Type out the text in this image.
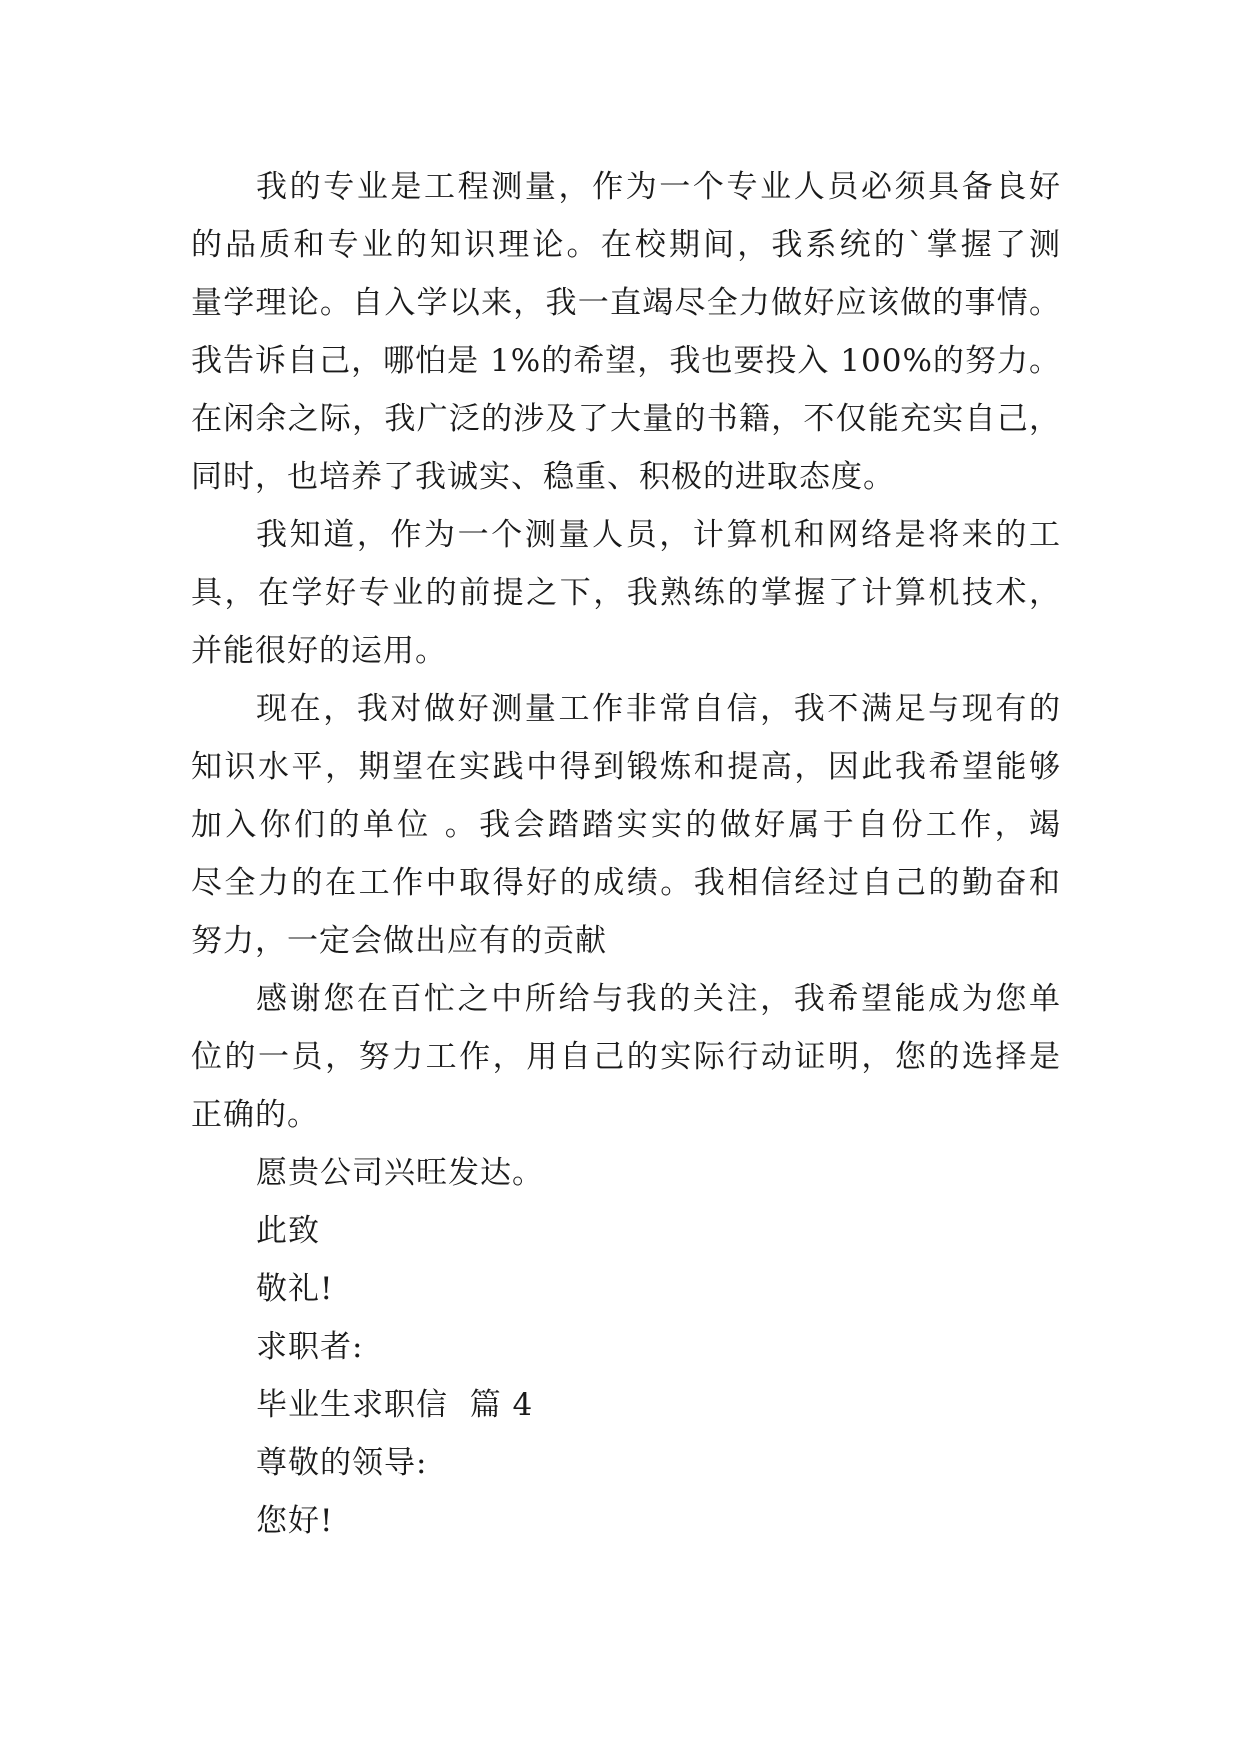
我的专业是工程测量，作为一个专业人员必须具备良好
的品质和专业的知识理论。在校期间，我系统的`掌握了测
量学理论。自入学以来，我一直竭尽全力做好应该做的事情。
我告诉自己，哪怕是 1%的希望，我也要投入 100%的努力。
在闲余之际，我广泛的涉及了大量的书籍，不仅能充实自己，
同时，也培养了我诚实、稳重、积极的进取态度。
我知道，作为一个测量人员，计算机和网络是将来的工
具，在学好专业的前提之下，我熟练的掌握了计算机技术，
并能很好的运用。
现在，我对做好测量工作非常自信，我不满足与现有的
知识水平，期望在实践中得到锻炼和提高，因此我希望能够
加入你们的单位 。我会踏踏实实的做好属于自份工作，竭
尽全力的在工作中取得好的成绩。我相信经过自己的勤奋和
努力，一定会做出应有的贡献
感谢您在百忙之中所给与我的关注，我希望能成为您单
位的一员，努力工作，用自己的实际行动证明，您的选择是
正确的。
愿贵公司兴旺发达。
此致
敬礼!
求职者:
毕业生求职信  篇 4
尊敬的领导:
您好!
